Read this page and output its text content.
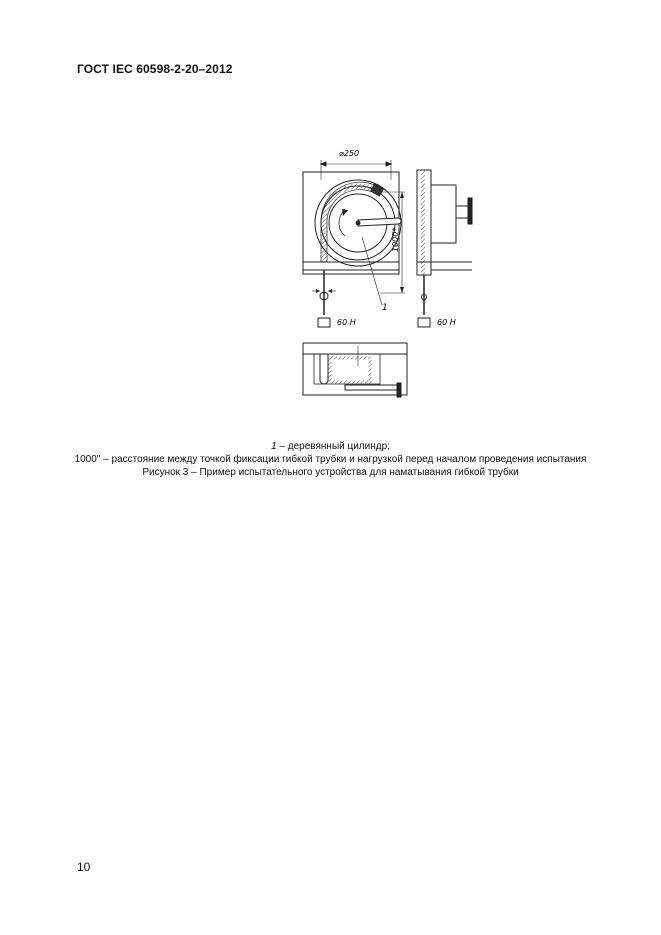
ГОСТ IEC 60598-2-20–2012
⌀250
1
60 Н	60 Н
1000*
1 – деревянный цилиндр;
1000" – расстояние между точкой фиксации гибкой трубки и нагрузкой перед началом проведения испытания
Рисунок 3 – Пример испытательного устройства для наматывания гибкой трубки
10
